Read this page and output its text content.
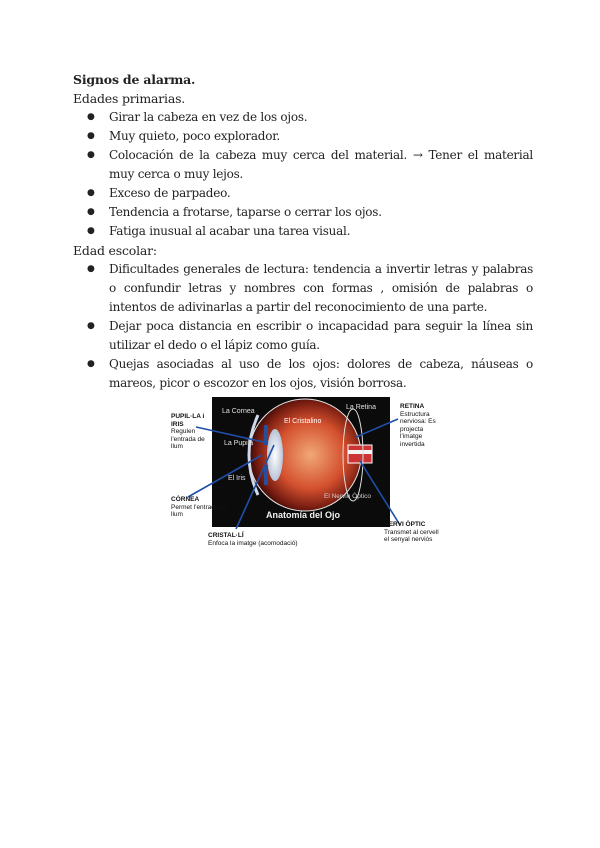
Signos de alarma.
Edades primarias.
● Girar la cabeza en vez de los ojos.
● Muy quieto, poco explorador.
● Colocación de la cabeza muy cerca del material. → Tener el material muy cerca o muy lejos.
● Exceso de parpadeo.
● Tendencia a frotarse, taparse o cerrar los ojos.
● Fatiga inusual al acabar una tarea visual.
Edad escolar:
● Dificultades generales de lectura: tendencia a invertir letras y palabras o confundir letras y nombres con formas , omisión de palabras o intentos de adivinarlas a partir del reconocimiento de una parte.
● Dejar poca distancia en escribir o incapacidad para seguir la línea sin utilizar el dedo o el lápiz como guía.
● Quejas asociadas al uso de los ojos: dolores de cabeza, náuseas o mareos, picor o escozor en los ojos, visión borrosa.
La Cornea
El Cristalino
La Retina
La Pupila
El Iris
El Nervio Óptico
Anatomía del Ojo
PUPIL·LA i IRIS
Regulen l'entrada de llum
CÒRNEA
Permet l'entrada de llum
CRISTAL·LÍ
Enfoca la imatge (acomodació)
RETINA
Estructura nerviosa: Es projecta l'imatge invertida
NERVI ÒPTIC
Transmet al cervell el senyal nerviós
